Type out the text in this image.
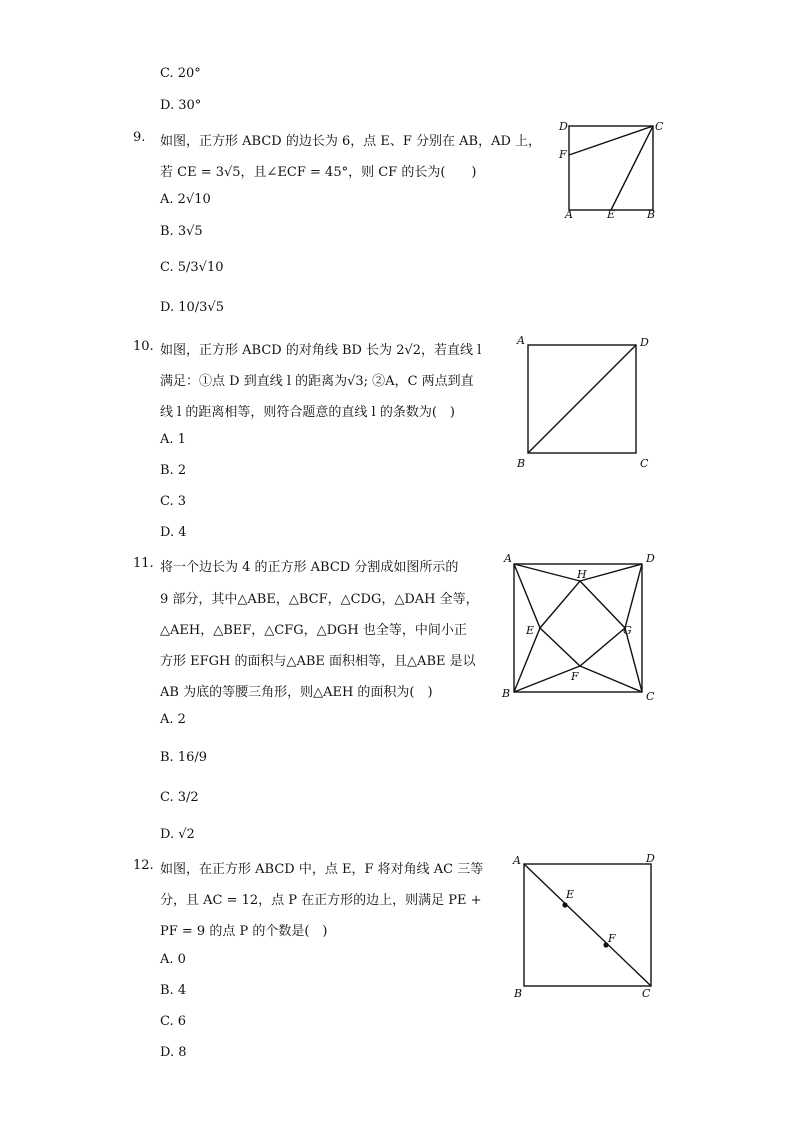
C. 20°
D. 30°
9. 如图，正方形 ABCD 的边长为 6，点 E、F 分别在 AB，AD 上，
若 CE = 3√5，且∠ECF = 45°，则 CF 的长为(　　)
A. 2√10
B. 3√5
C. 5/3√10
D. 10/3√5
D	C
F
A	E	B
10. 如图，正方形 ABCD 的对角线 BD 长为 2√2，若直线 l
满足：①点 D 到直线 l 的距离为√3; ②A，C 两点到直
线 l 的距离相等，则符合题意的直线 l 的条数为(　)
A. 1
B. 2
C. 3
D. 4
A	D
B	C
11. 将一个边长为 4 的正方形 ABCD 分割成如图所示的
9 部分，其中△ABE，△BCF，△CDG，△DAH 全等，
△AEH，△BEF，△CFG，△DGH 也全等，中间小正
方形 EFGH 的面积与△ABE 面积相等，且△ABE 是以
AB 为底的等腰三角形，则△AEH 的面积为(　)
A. 2
B. 16/9
C. 3/2
D. √2
A	D
H
E	G
F
B	C
12. 如图，在正方形 ABCD 中，点 E，F 将对角线 AC 三等
分，且 AC = 12，点 P 在正方形的边上，则满足 PE +
PF = 9 的点 P 的个数是(　)
A. 0
B. 4
C. 6
D. 8
A	D
E
F
B	C
